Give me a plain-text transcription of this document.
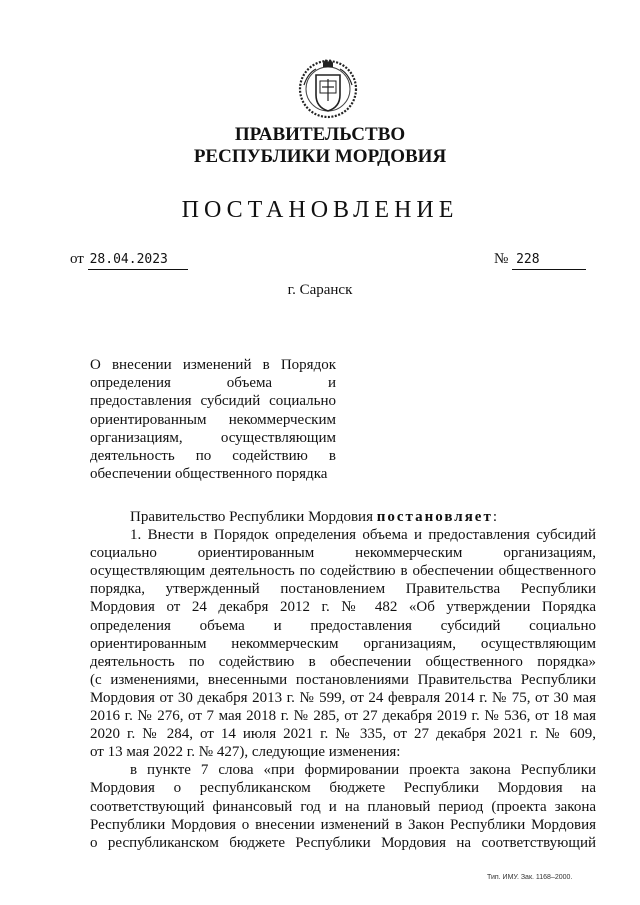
ПРАВИТЕЛЬСТВО
РЕСПУБЛИКИ МОРДОВИЯ
ПОСТАНОВЛЕНИЕ
от 28.04.2023	№ 228
г. Саранск
О внесении изменений в Порядок
определения объема и
предоставления субсидий социально
ориентированным некоммерческим
организациям, осуществляющим
деятельность по содействию в
обеспечении общественного порядка
Правительство Республики Мордовия постановляет:
1. Внести в Порядок определения объема и предоставления субсидий
социально ориентированным некоммерческим организациям,
осуществляющим деятельность по содействию в обеспечении общественного
порядка, утвержденный постановлением Правительства Республики
Мордовия от 24 декабря 2012 г. № 482 «Об утверждении Порядка
определения объема и предоставления субсидий социально
ориентированным некоммерческим организациям, осуществляющим
деятельность по содействию в обеспечении общественного порядка»
(с изменениями, внесенными постановлениями Правительства Республики
Мордовия от 30 декабря 2013 г. № 599, от 24 февраля 2014 г. № 75, от 30 мая
2016 г. № 276, от 7 мая 2018 г. № 285, от 27 декабря 2019 г. № 536, от 18 мая
2020 г. № 284, от 14 июля 2021 г. № 335, от 27 декабря 2021 г. № 609,
от 13 мая 2022 г. № 427), следующие изменения:
в пункте 7 слова «при формировании проекта закона Республики
Мордовия о республиканском бюджете Республики Мордовия на
соответствующий финансовый год и на плановый период (проекта закона
Республики Мордовия о внесении изменений в Закон Республики Мордовия
о республиканском бюджете Республики Мордовия на соответствующий
Тип. ИМУ. Зак. 1168–2000.
